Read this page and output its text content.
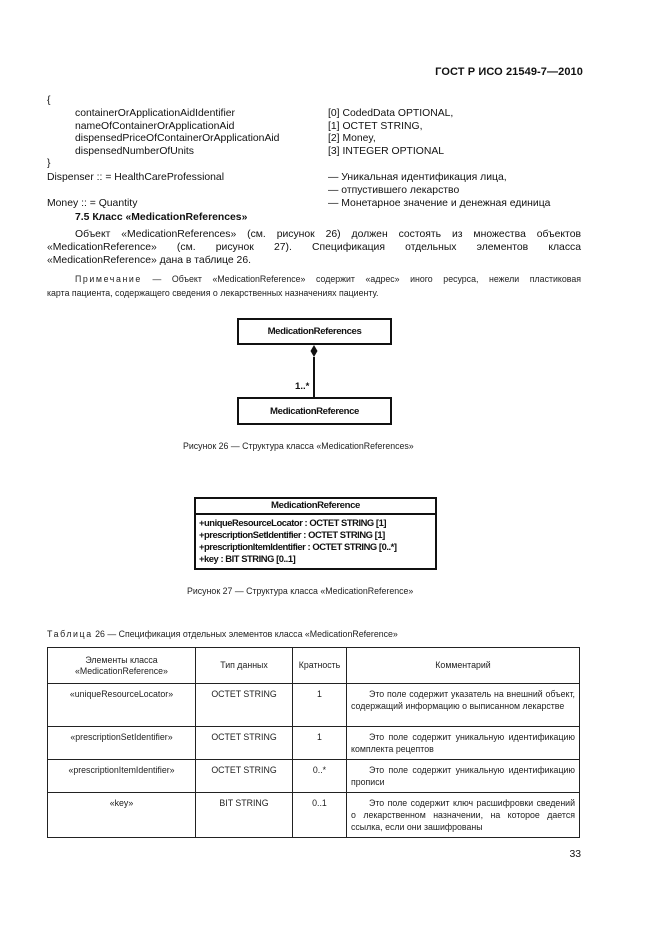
ГОСТ Р ИСО 21549-7—2010
{
containerOrApplicationAidIdentifier	[0] CodedData OPTIONAL,
nameOfContainerOrApplicationAid	[1] OCTET STRING,
dispensedPriceOfContainerOrApplicationAid	[2] Money,
dispensedNumberOfUnits	[3] INTEGER OPTIONAL
}
Dispenser :: = HealthCareProfessional	— Уникальная идентификация лица,
— отпустившего лекарство
Money :: = Quantity	— Монетарное значение и денежная единица
7.5 Класс «MedicationReferences»
Объект «MedicationReferences» (см. рисунок 26) должен состоять из множества объектов
«MedicationReference» (см. рисунок 27). Спецификация отдельных элементов класса
«MedicationReference» дана в таблице 26.
Примечание — Объект «MedicationReference» содержит «адрес» иного ресурса, нежели пластиковая
карта пациента, содержащего сведения о лекарственных назначениях пациенту.
MedicationReferences
1..*
MedicationReference
Рисунок 26 — Структура класса «MedicationReferences»
MedicationReference
+uniqueResourceLocator : OCTET STRING [1]
+prescriptionSetIdentifier : OCTET STRING [1]
+prescriptionItemIdentifier : OCTET STRING [0..*]
+key : BIT STRING [0..1]
Рисунок 27 — Структура класса «MedicationReference»
Таблица 26 — Спецификация отдельных элементов класса «MedicationReference»
Элементы класса «MedicationReference»	Тип данных	Кратность	Комментарий
«uniqueResourceLocator»	OCTET STRING	1	Это поле содержит указатель на внешний объект, содержащий информацию о выписанном лекарстве
«prescriptionSetIdentifier»	OCTET STRING	1	Это поле содержит уникальную идентификацию комплекта рецептов
«prescriptionItemIdentifier»	OCTET STRING	0..*	Это поле содержит уникальную идентификацию прописи
«key»	BIT STRING	0..1	Это поле содержит ключ расшифровки сведений о лекарственном назначении, на которое дается ссылка, если они зашифрованы
33
